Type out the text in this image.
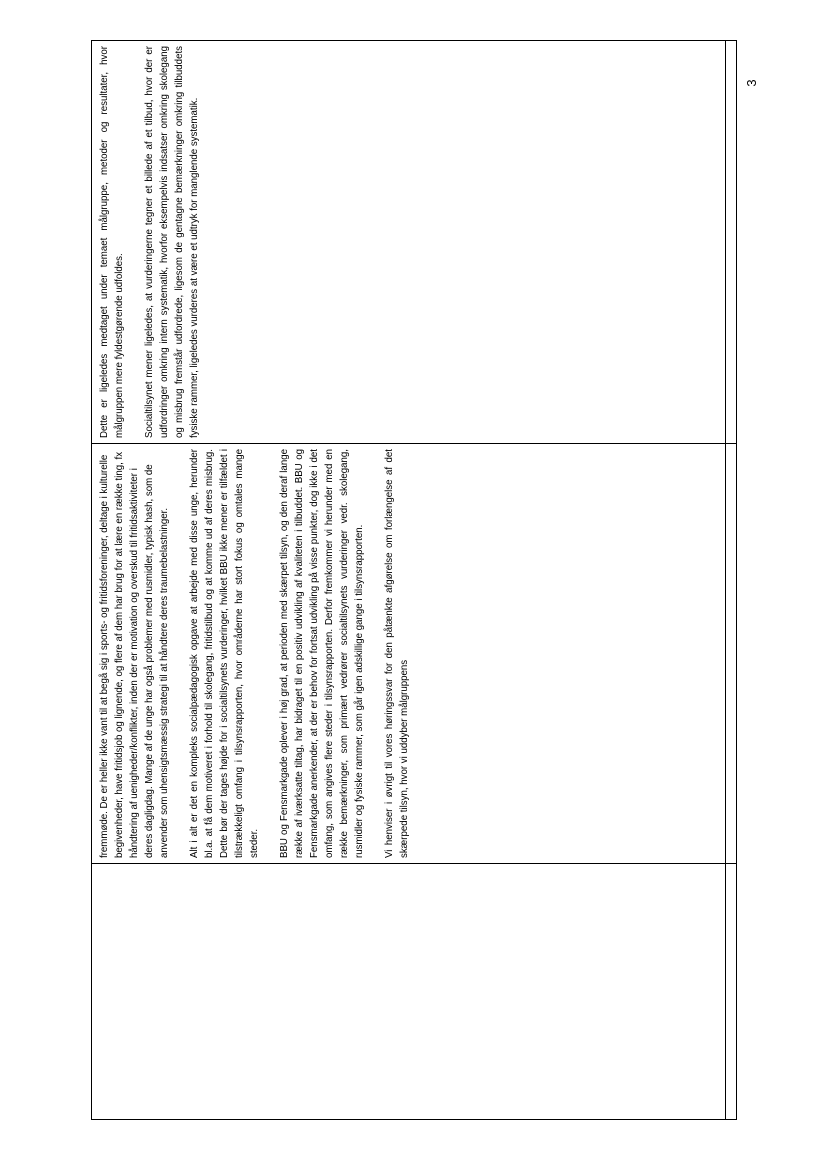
3

fremmøde. De er heller ikke vant til at begå sig i sports- og fritidsforeninger, deltage i kulturelle begivenheder, have fritidsjob og lignende, og flere af dem har brug for at lære en række ting, fx håndtering af uenigheder/konflikter, inden der er motivation og overskud til fritidsaktiviteter i deres dagligdag. Mange af de unge har også problemer med rusmidler, typisk hash, som de anvender som uhensigtsmæssig strategi til at håndtere deres traumebelastninger. Alt i alt er det en kompleks socialpædagogisk opgave at arbejde med disse unge, herunder bl.a. at få dem motiveret i forhold til skolegang, fritidstilbud og at komme ud af deres misbrug. Dette bør der tages højde for i socialtilsynets vurderinger, hvilket BBU ikke mener er tilfældet i tilstrækkeligt omfang i tilsynsrapporten, hvor områderne har stort fokus og omtales mange steder. BBU og Fensmarkgade oplever i høj grad, at perioden med skærpet tilsyn, og den deraf lange række af iværksatte tiltag, har bidraget til en positiv udvikling af kvaliteten i tilbuddet. BBU og Fensmarkgade anerkender, at der er behov for fortsat udvikling på visse punkter, dog ikke i det omfang, som angives flere steder i tilsynsrapporten. Derfor fremkommer vi herunder med en række bemærkninger, som primært vedrører socialtilsynets vurderinger vedr. skolegang, rusmidler og fysiske rammer, som går igen adskillige gange i tilsynsrapporten. Vi henviser i øvrigt til vores høringssvar for den påtænkte afgørelse om forlængelse af det skærpede tilsyn, hvor vi uddyber målgruppens

Dette er ligeledes medtaget under temaet målgruppe, metoder og resultater, hvor målgruppen mere fyldestgørende udfoldes. Socialtilsynet mener ligeledes, at vurderingerne tegner et billede af et tilbud, hvor der er udfordringer omkring intern systematik, hvorfor eksempelvis indsatser omkring skolegang og misbrug fremstår udfordrede, ligesom de gentagne bemærkninger omkring tilbuddets fysiske rammer, ligeledes vurderes at være et udtryk for manglende systematik.
